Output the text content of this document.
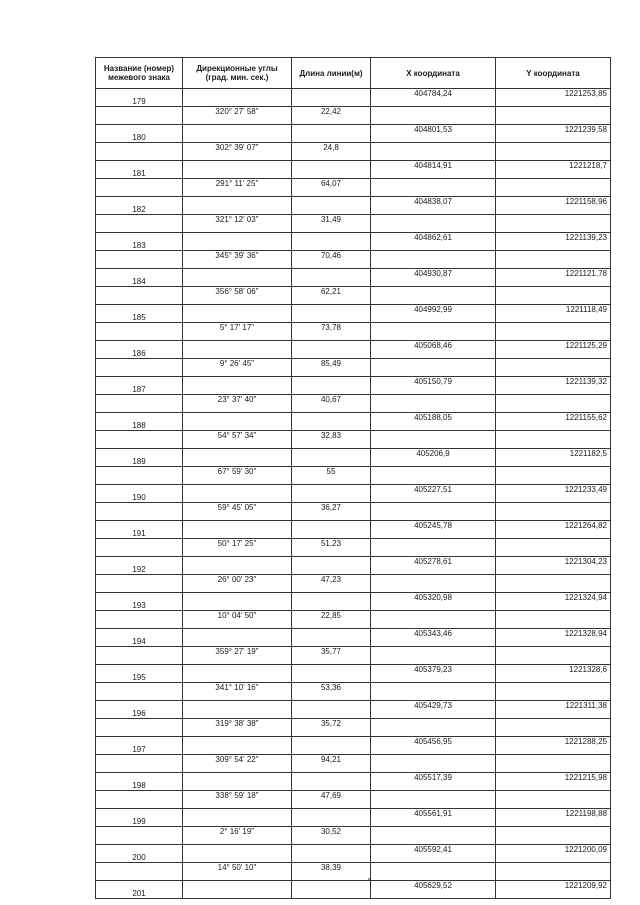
Название (номер) межевого знака	Дирекционные углы (град. мин. сек.)	Длина линии(м)	X координата	Y координата
179			404784,24	1221253,85
	320° 27' 58"	22,42		
180			404801,53	1221239,58
	302° 39' 07"	24,8		
181			404814,91	1221218,7
	291° 11' 25"	64,07		
182			404838,07	1221158,96
	321° 12' 03"	31,49		
183			404862,61	1221139,23
	345° 39' 36"	70,46		
184			404930,87	1221121,78
	356° 58' 06"	62,21		
185			404992,99	1221118,49
	5° 17' 17"	73,78		
186			405068,46	1221125,29
	9° 26' 45"	85,49		
187			405150,79	1221139,32
	23° 37' 40"	40,67		
188			405188,05	1221155,62
	54° 57' 34"	32,83		
189			405206,9	1221182,5
	67° 59' 30"	55		
190			405227,51	1221233,49
	59° 45' 05"	36,27		
191			405245,78	1221264,82
	50° 17' 25"	51,23		
192			405278,61	1221304,23
	26° 00' 23"	47,23		
193			405320,98	1221324,94
	10° 04' 50"	22,85		
194			405343,46	1221328,94
	359° 27' 19"	35,77		
195			405379,23	1221328,6
	341° 10' 16"	53,36		
196			405429,73	1221311,38
	319° 38' 38"	35,72		
197			405456,95	1221288,25
	309° 54' 22"	94,21		
198			405517,39	1221215,98
	338° 59' 18"	47,69		
199			405561,91	1221198,88
	2° 16' 19"	30,52		
200			405592,41	1221200,09
	14° 50' 10"	38,39		
201			405629,52	1221209,92
